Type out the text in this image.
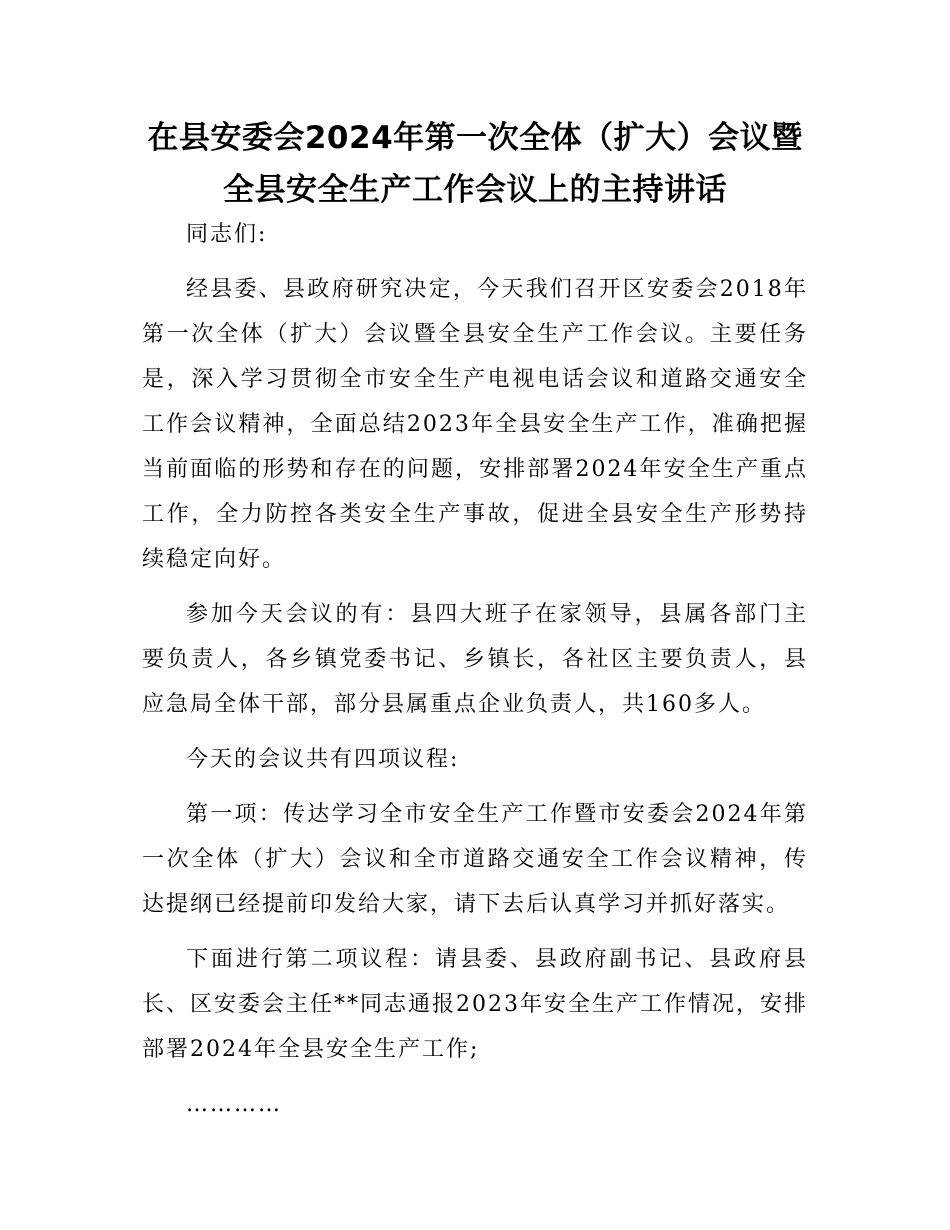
在县安委会2024年第一次全体（扩大）会议暨
全县安全生产工作会议上的主持讲话

同志们:

经县委、县政府研究决定，今天我们召开区安委会2018年第一次全体（扩大）会议暨全县安全生产工作会议。主要任务是，深入学习贯彻全市安全生产电视电话会议和道路交通安全工作会议精神，全面总结2023年全县安全生产工作，准确把握当前面临的形势和存在的问题，安排部署2024年安全生产重点工作，全力防控各类安全生产事故，促进全县安全生产形势持续稳定向好。

参加今天会议的有：县四大班子在家领导，县属各部门主要负责人，各乡镇党委书记、乡镇长，各社区主要负责人，县应急局全体干部，部分县属重点企业负责人，共160多人。

今天的会议共有四项议程:

第一项：传达学习全市安全生产工作暨市安委会2024年第一次全体（扩大）会议和全市道路交通安全工作会议精神，传达提纲已经提前印发给大家，请下去后认真学习并抓好落实。

下面进行第二项议程：请县委、县政府副书记、县政府县长、区安委会主任**同志通报2023年安全生产工作情况，安排部署2024年全县安全生产工作;

…………
